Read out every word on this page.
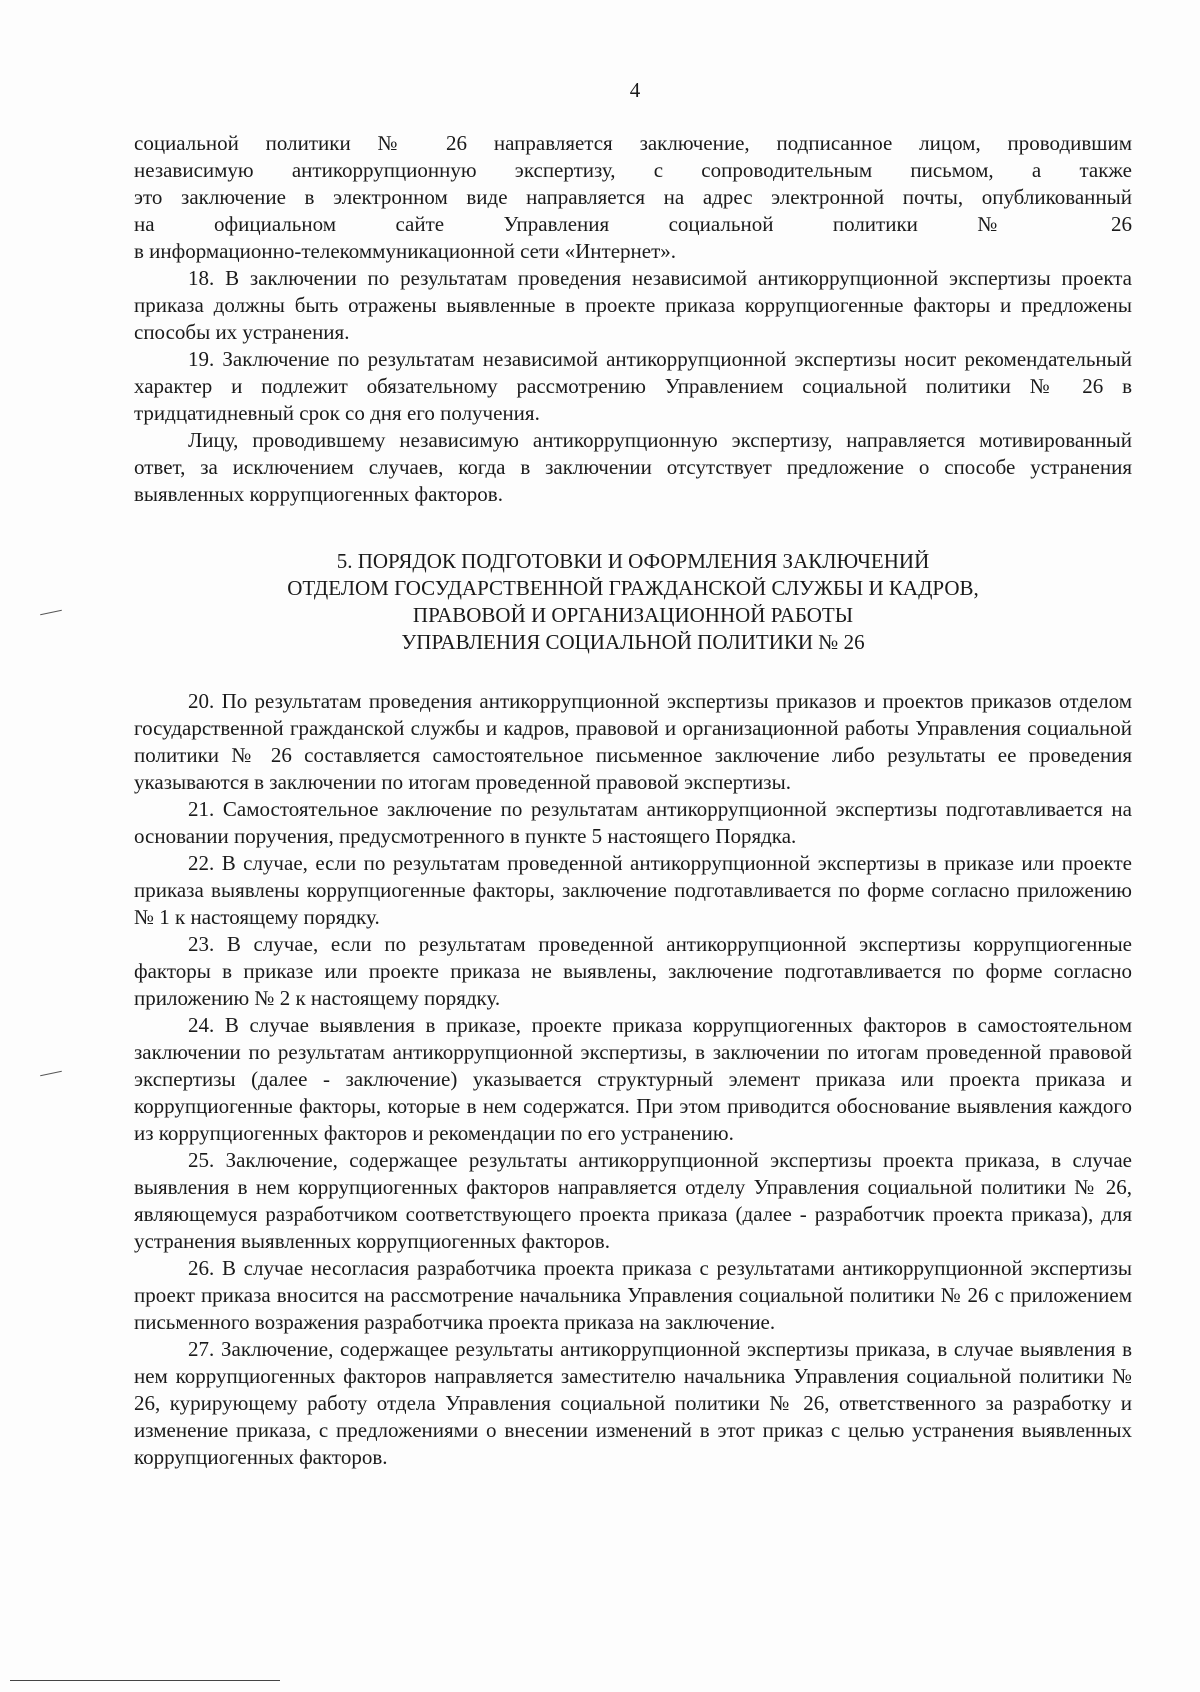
4

социальной политики № 26 направляется заключение, подписанное лицом, проводившим

независимую антикоррупционную экспертизу, с сопроводительным письмом, а также

это заключение в электронном виде направляется на адрес электронной почты, опубликованный

на официальном сайте Управления социальной политики № 26

в информационно-телекоммуникационной сети «Интернет».

18. В заключении по результатам проведения независимой антикоррупционной экспертизы проекта приказа должны быть отражены выявленные в проекте приказа коррупциогенные факторы и предложены способы их устранения.

19. Заключение по результатам независимой антикоррупционной экспертизы носит рекомендательный характер и подлежит обязательному рассмотрению Управлением социальной политики № 26 в тридцатидневный срок со дня его получения.

Лицу, проводившему независимую антикоррупционную экспертизу, направляется мотивированный ответ, за исключением случаев, когда в заключении отсутствует предложение о способе устранения выявленных коррупциогенных факторов.

5. ПОРЯДОК ПОДГОТОВКИ И ОФОРМЛЕНИЯ ЗАКЛЮЧЕНИЙ
ОТДЕЛОМ ГОСУДАРСТВЕННОЙ ГРАЖДАНСКОЙ СЛУЖБЫ И КАДРОВ,
ПРАВОВОЙ И ОРГАНИЗАЦИОННОЙ РАБОТЫ
УПРАВЛЕНИЯ СОЦИАЛЬНОЙ ПОЛИТИКИ № 26

20. По результатам проведения антикоррупционной экспертизы приказов и проектов приказов отделом государственной гражданской службы и кадров, правовой и организационной работы Управления социальной политики № 26 составляется самостоятельное письменное заключение либо результаты ее проведения указываются в заключении по итогам проведенной правовой экспертизы.

21. Самостоятельное заключение по результатам антикоррупционной экспертизы подготавливается на основании поручения, предусмотренного в пункте 5 настоящего Порядка.

22. В случае, если по результатам проведенной антикоррупционной экспертизы в приказе или проекте приказа выявлены коррупциогенные факторы, заключение подготавливается по форме согласно приложению № 1 к настоящему порядку.

23. В случае, если по результатам проведенной антикоррупционной экспертизы коррупциогенные факторы в приказе или проекте приказа не выявлены, заключение подготавливается по форме согласно приложению № 2 к настоящему порядку.

24. В случае выявления в приказе, проекте приказа коррупциогенных факторов в самостоятельном заключении по результатам антикоррупционной экспертизы, в заключении по итогам проведенной правовой экспертизы (далее - заключение) указывается структурный элемент приказа или проекта приказа и коррупциогенные факторы, которые в нем содержатся. При этом приводится обоснование выявления каждого из коррупциогенных факторов и рекомендации по его устранению.

25. Заключение, содержащее результаты антикоррупционной экспертизы проекта приказа, в случае выявления в нем коррупциогенных факторов направляется отделу Управления социальной политики № 26, являющемуся разработчиком соответствующего проекта приказа (далее - разработчик проекта приказа), для устранения выявленных коррупциогенных факторов.

26. В случае несогласия разработчика проекта приказа с результатами антикоррупционной экспертизы проект приказа вносится на рассмотрение начальника Управления социальной политики № 26 с приложением письменного возражения разработчика проекта приказа на заключение.

27. Заключение, содержащее результаты антикоррупционной экспертизы приказа, в случае выявления в нем коррупциогенных факторов направляется заместителю начальника Управления социальной политики № 26, курирующему работу отдела Управления социальной политики № 26, ответственного за разработку и изменение приказа, с предложениями о внесении изменений в этот приказ с целью устранения выявленных коррупциогенных факторов.
